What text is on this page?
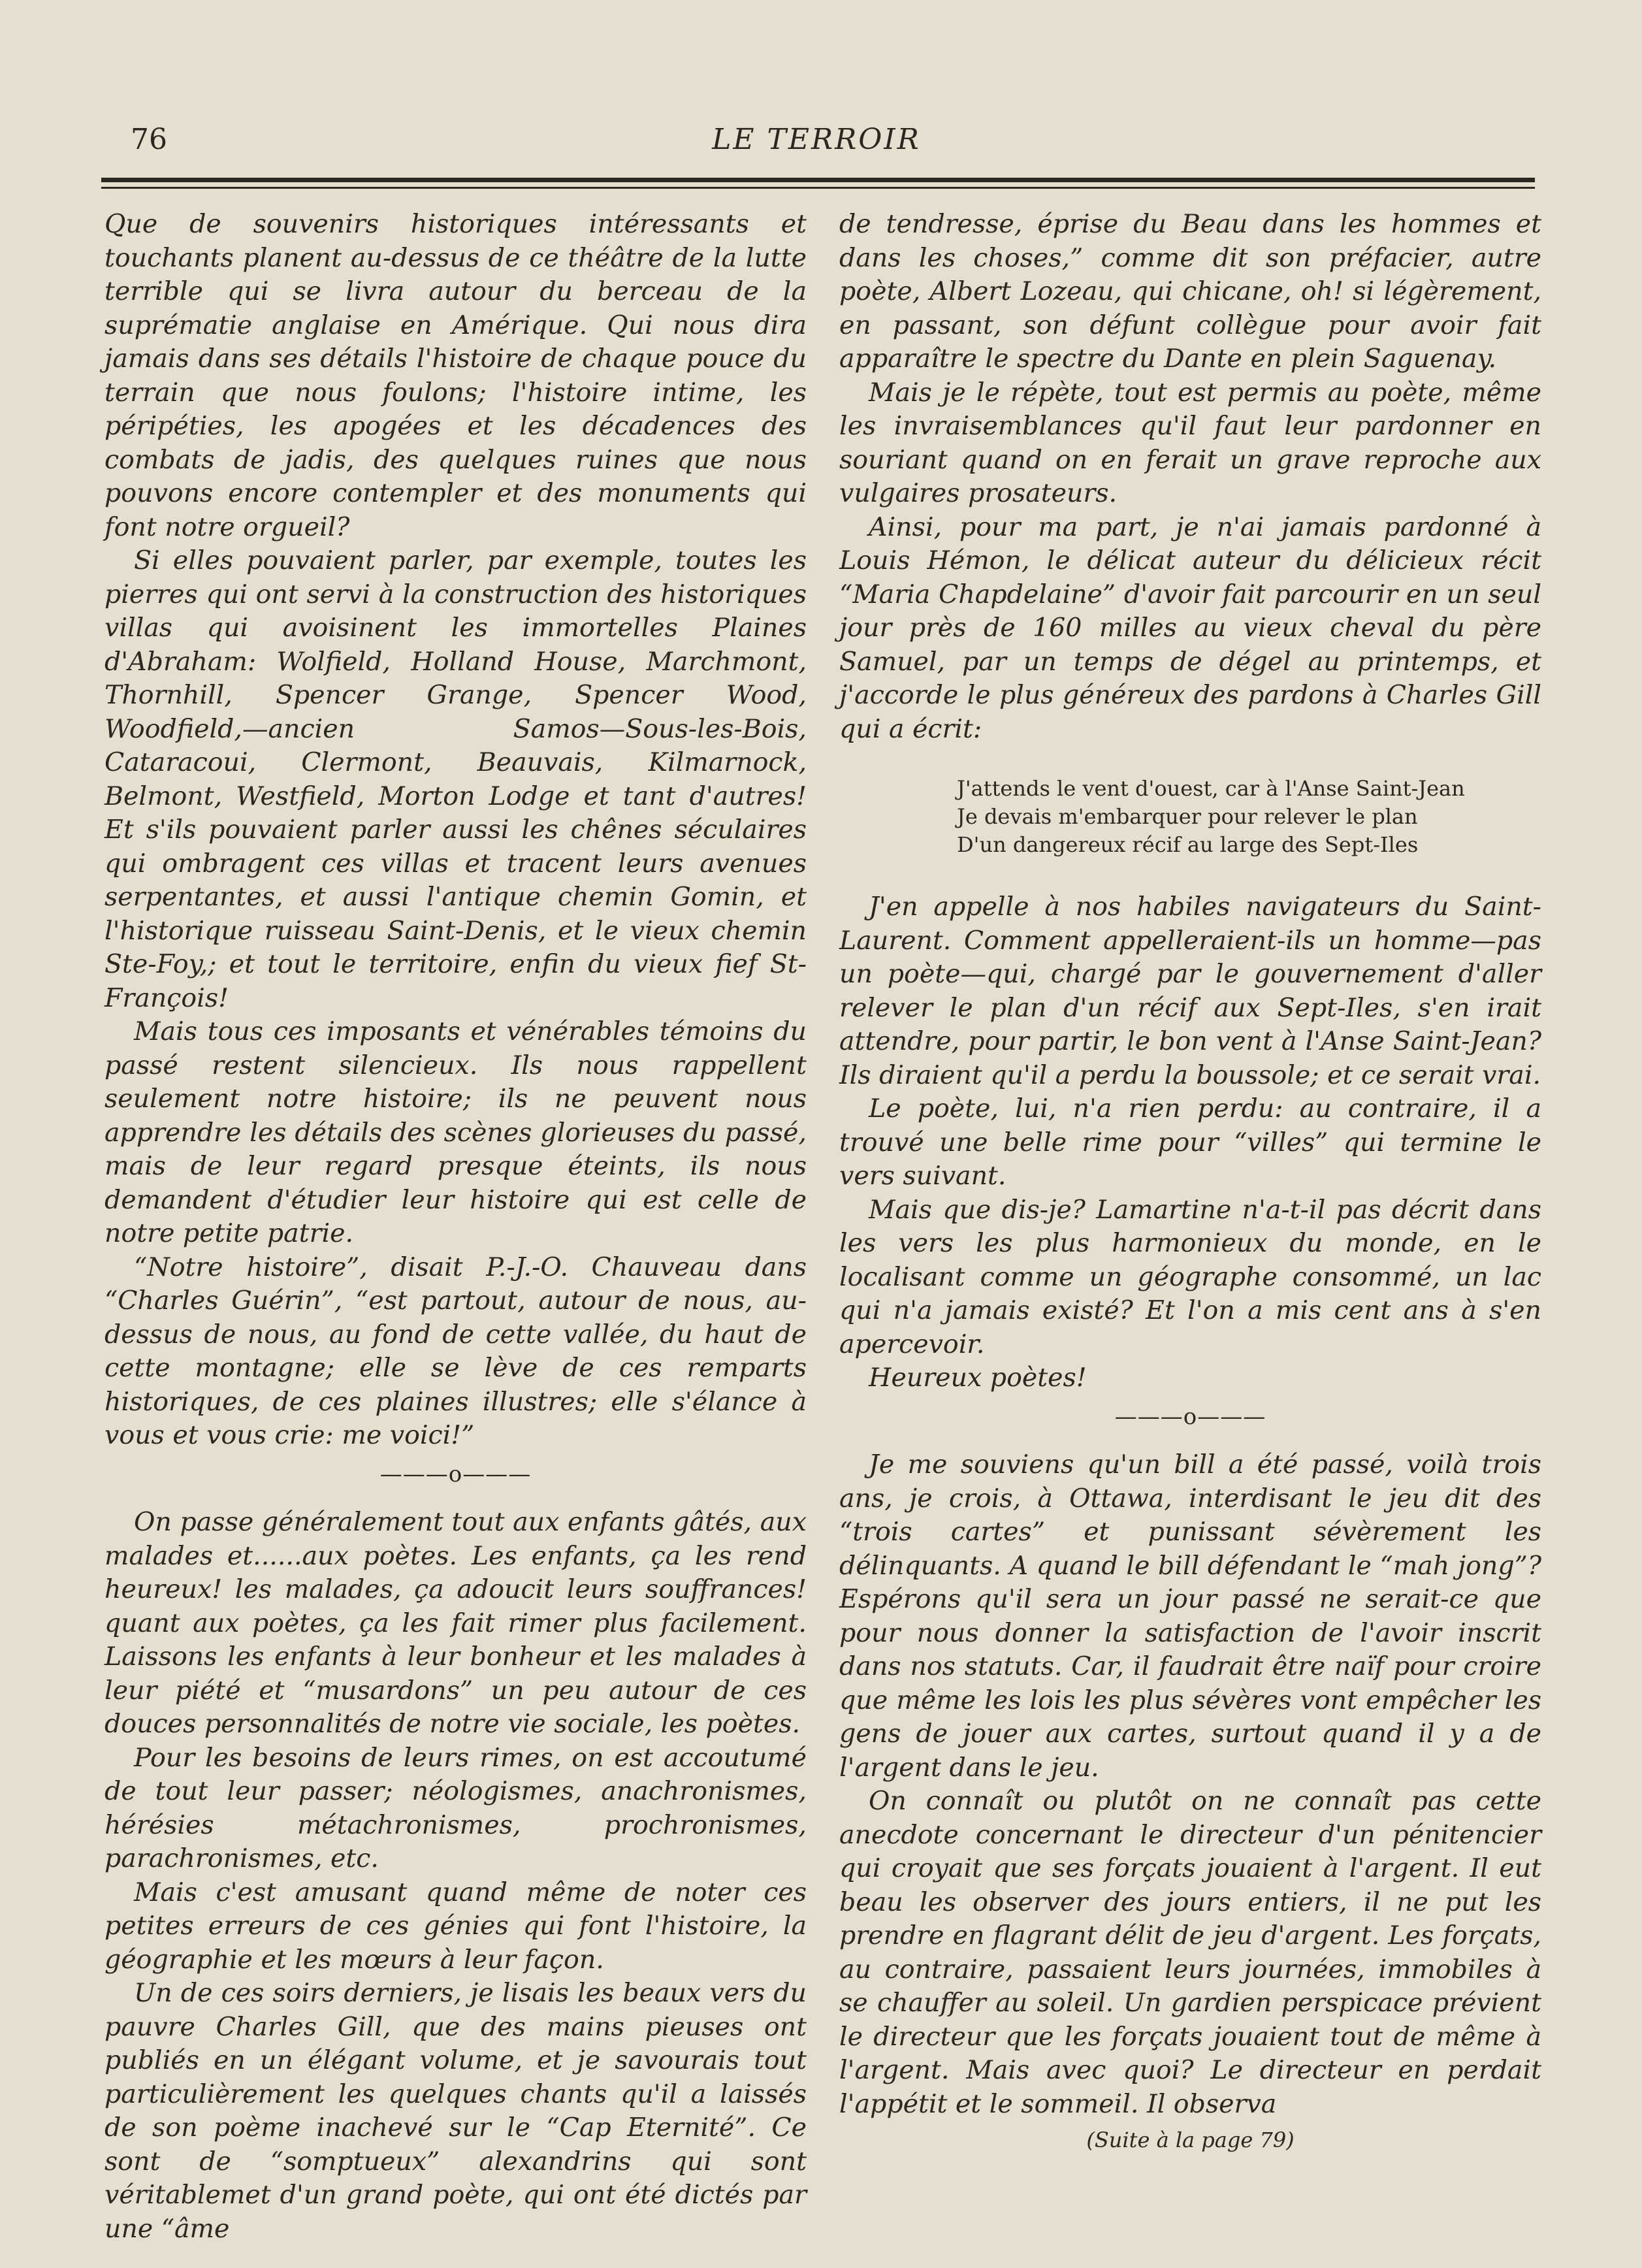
76	LE TERROIR

Que de souvenirs historiques intéressants et touchants planent au-dessus de ce théâtre de la lutte terrible qui se livra autour du berceau de la suprématie anglaise en Amérique. Qui nous dira jamais dans ses détails l'histoire de chaque pouce du terrain que nous foulons; l'histoire intime, les péripéties, les apogées et les décadences des combats de jadis, des quelques ruines que nous pouvons encore contempler et des monuments qui font notre orgueil?

Si elles pouvaient parler, par exemple, toutes les pierres qui ont servi à la construction des historiques villas qui avoisinent les immortelles Plaines d'Abraham: Wolfield, Holland House, Marchmont, Thornhill, Spencer Grange, Spencer Wood, Woodfield,—ancien Samos—Sous-les-Bois, Cataracoui, Clermont, Beauvais, Kilmarnock, Belmont, Westfield, Morton Lodge et tant d'autres! Et s'ils pouvaient parler aussi les chênes séculaires qui ombragent ces villas et tracent leurs avenues serpentantes, et aussi l'antique chemin Gomin, et l'historique ruisseau Saint-Denis, et le vieux chemin Ste-Foy,; et tout le territoire, enfin du vieux fief St-François!

Mais tous ces imposants et vénérables témoins du passé restent silencieux. Ils nous rappellent seulement notre histoire; ils ne peuvent nous apprendre les détails des scènes glorieuses du passé, mais de leur regard presque éteints, ils nous demandent d'étudier leur histoire qui est celle de notre petite patrie.

“Notre histoire”, disait P.-J.-O. Chauveau dans “Charles Guérin”, “est partout, autour de nous, au-dessus de nous, au fond de cette vallée, du haut de cette montagne; elle se lève de ces remparts historiques, de ces plaines illustres; elle s'élance à vous et vous crie: me voici!”

———o———

On passe généralement tout aux enfants gâtés, aux malades et......aux poètes. Les enfants, ça les rend heureux! les malades, ça adoucit leurs souffrances! quant aux poètes, ça les fait rimer plus facilement. Laissons les enfants à leur bonheur et les malades à leur piété et “musardons” un peu autour de ces douces personnalités de notre vie sociale, les poètes.

Pour les besoins de leurs rimes, on est accoutumé de tout leur passer; néologismes, anachronismes, hérésies métachronismes, prochronismes, parachronismes, etc.

Mais c'est amusant quand même de noter ces petites erreurs de ces génies qui font l'histoire, la géographie et les mœurs à leur façon.

Un de ces soirs derniers, je lisais les beaux vers du pauvre Charles Gill, que des mains pieuses ont publiés en un élégant volume, et je savourais tout particulièrement les quelques chants qu'il a laissés de son poème inachevé sur le “Cap Eternité”. Ce sont de “somptueux” alexandrins qui sont véritablemet d'un grand poète, qui ont été dictés par une “âme

de tendresse, éprise du Beau dans les hommes et dans les choses,” comme dit son préfacier, autre poète, Albert Lozeau, qui chicane, oh! si légèrement, en passant, son défunt collègue pour avoir fait apparaître le spectre du Dante en plein Saguenay.

Mais je le répète, tout est permis au poète, même les invraisemblances qu'il faut leur pardonner en souriant quand on en ferait un grave reproche aux vulgaires prosateurs.

Ainsi, pour ma part, je n'ai jamais pardonné à Louis Hémon, le délicat auteur du délicieux récit “Maria Chapdelaine” d'avoir fait parcourir en un seul jour près de 160 milles au vieux cheval du père Samuel, par un temps de dégel au printemps, et j'accorde le plus généreux des pardons à Charles Gill qui a écrit:

J'attends le vent d'ouest, car à l'Anse Saint-Jean
Je devais m'embarquer pour relever le plan
D'un dangereux récif au large des Sept-Iles

J'en appelle à nos habiles navigateurs du Saint-Laurent. Comment appelleraient-ils un homme—pas un poète—qui, chargé par le gouvernement d'aller relever le plan d'un récif aux Sept-Iles, s'en irait attendre, pour partir, le bon vent à l'Anse Saint-Jean? Ils diraient qu'il a perdu la boussole; et ce serait vrai.

Le poète, lui, n'a rien perdu: au contraire, il a trouvé une belle rime pour “villes” qui termine le vers suivant.

Mais que dis-je? Lamartine n'a-t-il pas décrit dans les vers les plus harmonieux du monde, en le localisant comme un géographe consommé, un lac qui n'a jamais existé? Et l'on a mis cent ans à s'en apercevoir.

Heureux poètes!

———o———

Je me souviens qu'un bill a été passé, voilà trois ans, je crois, à Ottawa, interdisant le jeu dit des “trois cartes” et punissant sévèrement les délinquants. A quand le bill défendant le “mah jong”? Espérons qu'il sera un jour passé ne serait-ce que pour nous donner la satisfaction de l'avoir inscrit dans nos statuts. Car, il faudrait être naïf pour croire que même les lois les plus sévères vont empêcher les gens de jouer aux cartes, surtout quand il y a de l'argent dans le jeu.

On connaît ou plutôt on ne connaît pas cette anecdote concernant le directeur d'un pénitencier qui croyait que ses forçats jouaient à l'argent. Il eut beau les observer des jours entiers, il ne put les prendre en flagrant délit de jeu d'argent. Les forçats, au contraire, passaient leurs journées, immobiles à se chauffer au soleil. Un gardien perspicace prévient le directeur que les forçats jouaient tout de même à l'argent. Mais avec quoi? Le directeur en perdait l'appétit et le sommeil. Il observa

(Suite à la page 79)
